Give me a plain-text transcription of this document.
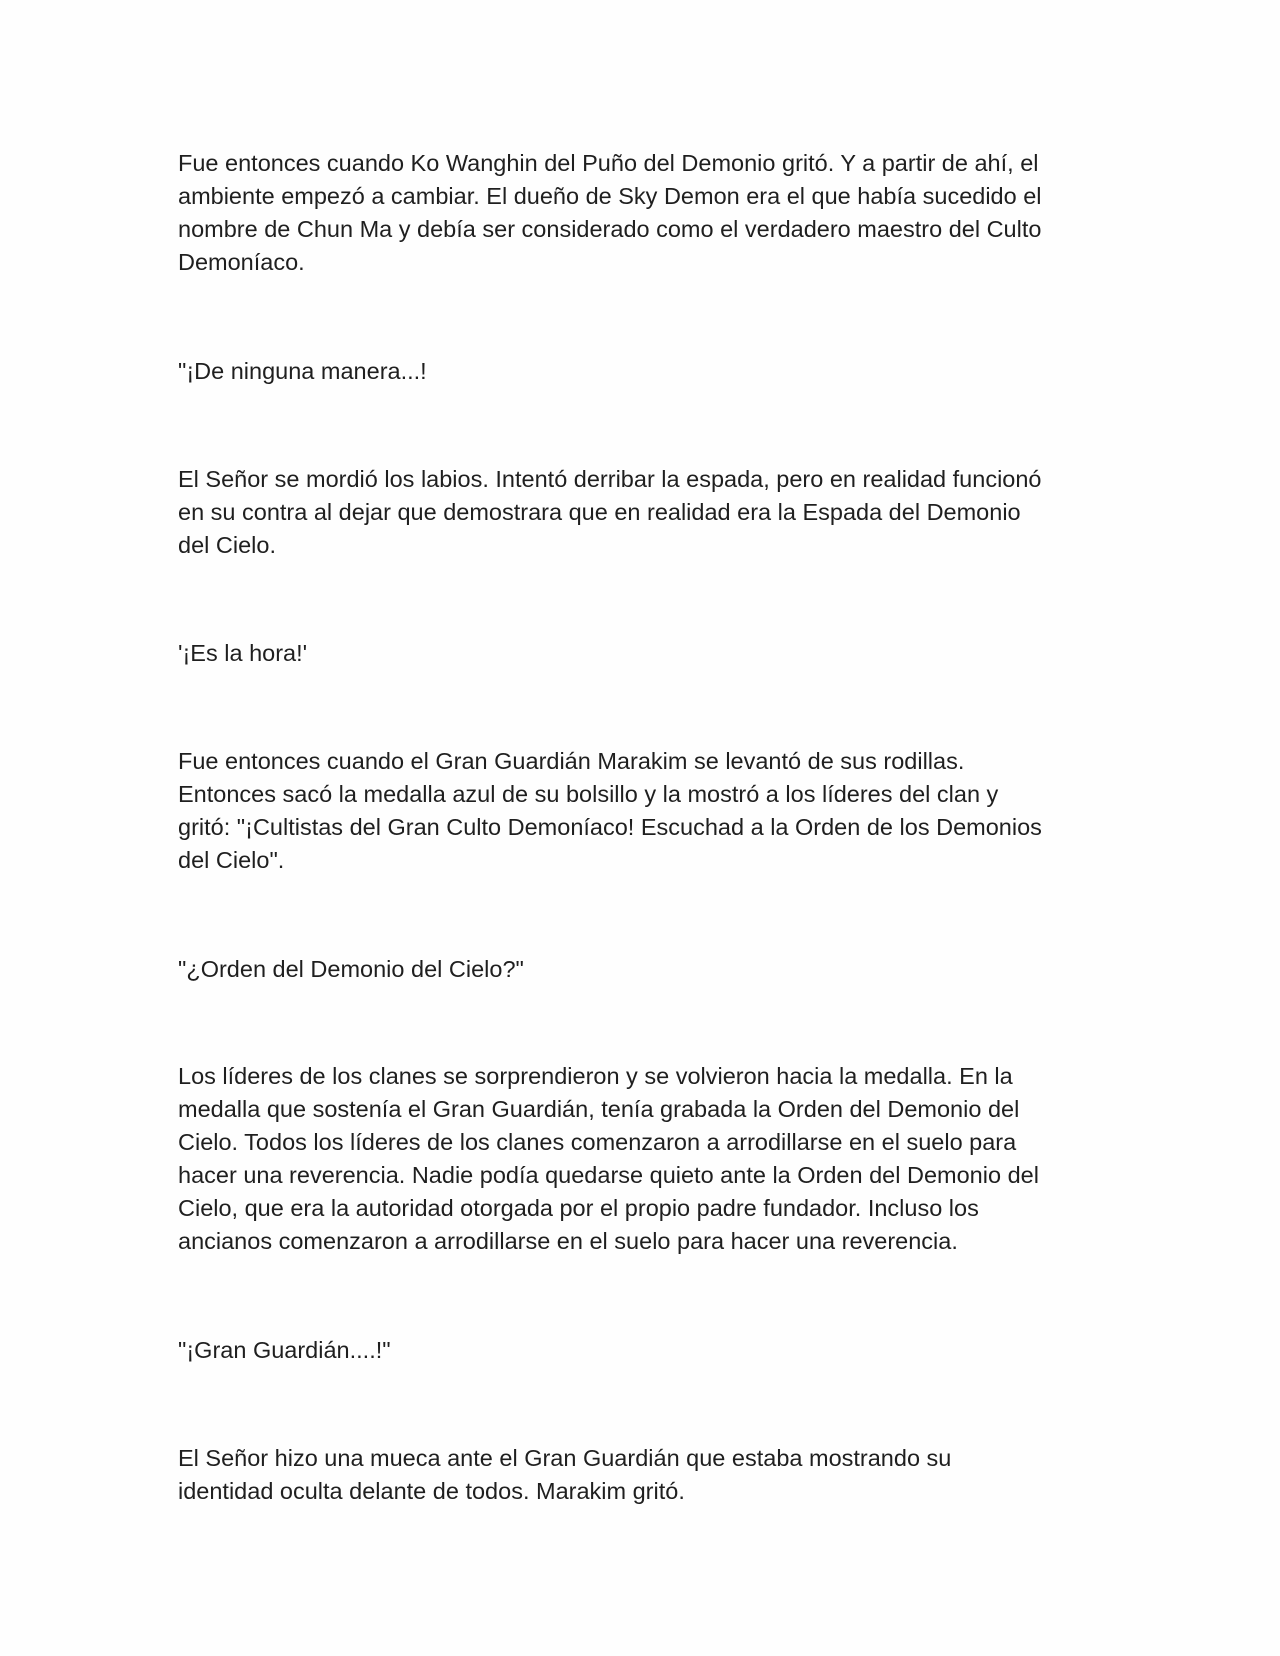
Fue entonces cuando Ko Wanghin del Puño del Demonio gritó. Y a partir de ahí, el
ambiente empezó a cambiar. El dueño de Sky Demon era el que había sucedido el
nombre de Chun Ma y debía ser considerado como el verdadero maestro del Culto
Demoníaco.

"¡De ninguna manera...!

El Señor se mordió los labios. Intentó derribar la espada, pero en realidad funcionó
en su contra al dejar que demostrara que en realidad era la Espada del Demonio
del Cielo.

'¡Es la hora!'

Fue entonces cuando el Gran Guardián Marakim se levantó de sus rodillas.
Entonces sacó la medalla azul de su bolsillo y la mostró a los líderes del clan y
gritó: "¡Cultistas del Gran Culto Demoníaco! Escuchad a la Orden de los Demonios
del Cielo".

"¿Orden del Demonio del Cielo?"

Los líderes de los clanes se sorprendieron y se volvieron hacia la medalla. En la
medalla que sostenía el Gran Guardián, tenía grabada la Orden del Demonio del
Cielo. Todos los líderes de los clanes comenzaron a arrodillarse en el suelo para
hacer una reverencia. Nadie podía quedarse quieto ante la Orden del Demonio del
Cielo, que era la autoridad otorgada por el propio padre fundador. Incluso los
ancianos comenzaron a arrodillarse en el suelo para hacer una reverencia.

"¡Gran Guardián....!"

El Señor hizo una mueca ante el Gran Guardián que estaba mostrando su
identidad oculta delante de todos. Marakim gritó.
